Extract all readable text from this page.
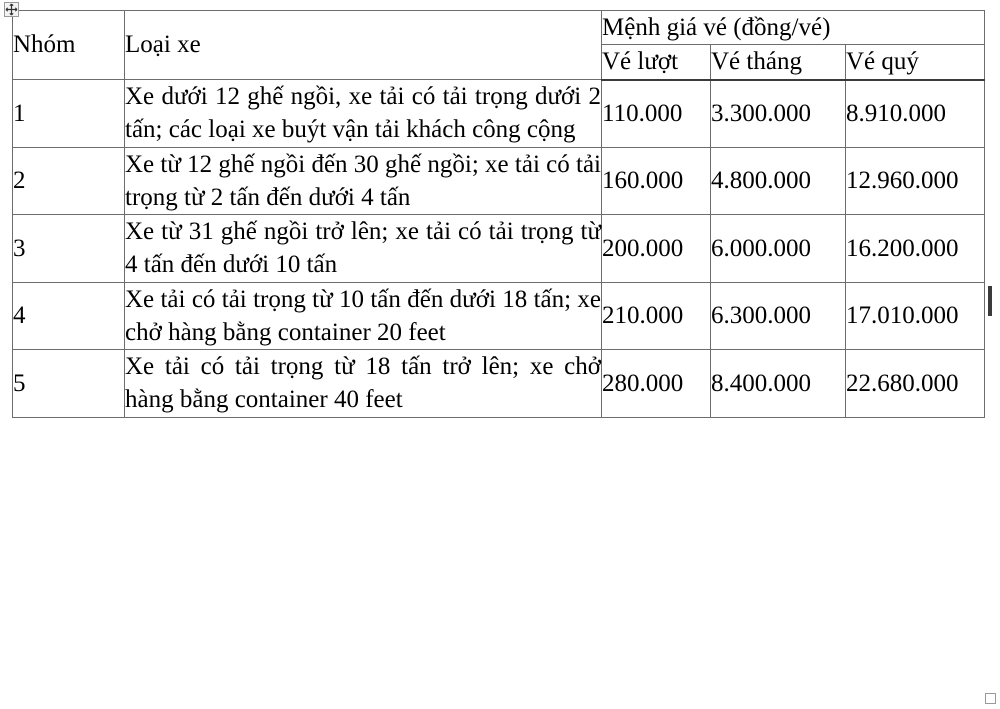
Nhóm	Loại xe	Mệnh giá vé (đồng/vé)		
		Vé lượt	Vé tháng	Vé quý
1	Xe dưới 12 ghế ngồi, xe tải có tải trọng dưới 2 tấn; các loại xe buýt vận tải khách công cộng	110.000	3.300.000	8.910.000
2	Xe từ 12 ghế ngồi đến 30 ghế ngồi; xe tải có tải trọng từ 2 tấn đến dưới 4 tấn	160.000	4.800.000	12.960.000
3	Xe từ 31 ghế ngồi trở lên; xe tải có tải trọng từ 4 tấn đến dưới 10 tấn	200.000	6.000.000	16.200.000
4	Xe tải có tải trọng từ 10 tấn đến dưới 18 tấn; xe chở hàng bằng container 20 feet	210.000	6.300.000	17.010.000
5	Xe tải có tải trọng từ 18 tấn trở lên; xe chở hàng bằng container 40 feet	280.000	8.400.000	22.680.000
